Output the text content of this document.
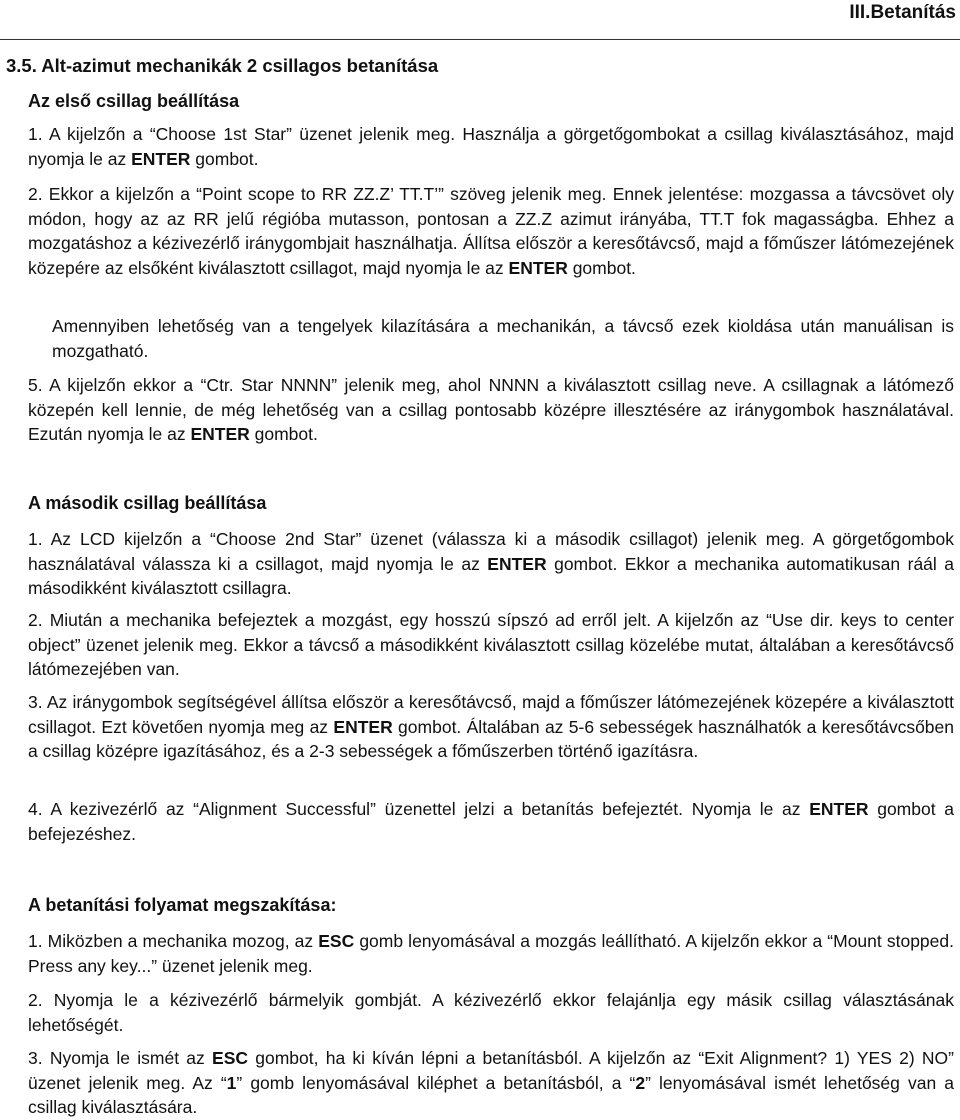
III.Betanítás
3.5. Alt-azimut mechanikák 2 csillagos betanítása
Az első csillag beállítása

1. A kijelzőn a “Choose 1st Star” üzenet jelenik meg. Használja a görgetőgombokat a csillag kiválasztásához, majd nyomja le az ENTER gombot.

2. Ekkor a kijelzőn a “Point scope to RR ZZ.Z’ TT.T’” szöveg jelenik meg. Ennek jelentése: mozgassa a távcsövet oly módon, hogy az az RR jelű régióba mutasson, pontosan a ZZ.Z azimut irányába, TT.T fok magasságba. Ehhez a mozgatáshoz a kézivezérlő iránygombjait használhatja. Állítsa először a keresőtávcső, majd a főműszer látómezejének közepére az elsőként kiválasztott csillagot, majd nyomja le az ENTER gombot.

Amennyiben lehetőség van a tengelyek kilazítására a mechanikán, a távcső ezek kioldása után manuálisan is mozgatható.

5. A kijelzőn ekkor a “Ctr. Star NNNN” jelenik meg, ahol NNNN a kiválasztott csillag neve. A csillagnak a látómező közepén kell lennie, de még lehetőség van a csillag pontosabb középre illesztésére az iránygombok használatával. Ezután nyomja le az ENTER gombot.

A második csillag beállítása

1. Az LCD kijelzőn a “Choose 2nd Star” üzenet (válassza ki a második csillagot) jelenik meg. A görgetőgombok használatával válassza ki a csillagot, majd nyomja le az ENTER gombot. Ekkor a mechanika automatikusan ráál a másodikként kiválasztott csillagra.

2. Miután a mechanika befejeztek a mozgást, egy hosszú sípszó ad erről jelt. A kijelzőn az “Use dir. keys to center object” üzenet jelenik meg. Ekkor a távcső a másodikként kiválasztott csillag közelébe mutat, általában a keresőtávcső látómezejében van.

3. Az iránygombok segítségével állítsa először a keresőtávcső, majd a főműszer látómezejének közepére a kiválasztott csillagot. Ezt követően nyomja meg az ENTER gombot. Általában az 5-6 sebességek használhatók a keresőtávcsőben a csillag középre igazításához, és a 2-3 sebességek a főműszerben történő igazításra.

4. A kezivezérlő az “Alignment Successful” üzenettel jelzi a betanítás befejeztét. Nyomja le az ENTER gombot a befejezéshez.

A betanítási folyamat megszakítása:

1. Miközben a mechanika mozog, az ESC gomb lenyomásával a mozgás leállítható. A kijelzőn ekkor a “Mount stopped. Press any key...” üzenet jelenik meg.

2. Nyomja le a kézivezérlő bármelyik gombját. A kézivezérlő ekkor felajánlja egy másik csillag választásának lehetőségét.

3. Nyomja le ismét az ESC gombot, ha ki kíván lépni a betanításból. A kijelzőn az “Exit Alignment? 1) YES 2) NO” üzenet jelenik meg. Az “1” gomb lenyomásával kiléphet a betanításból, a “2” lenyomásával ismét lehetőség van a csillag kiválasztására.
